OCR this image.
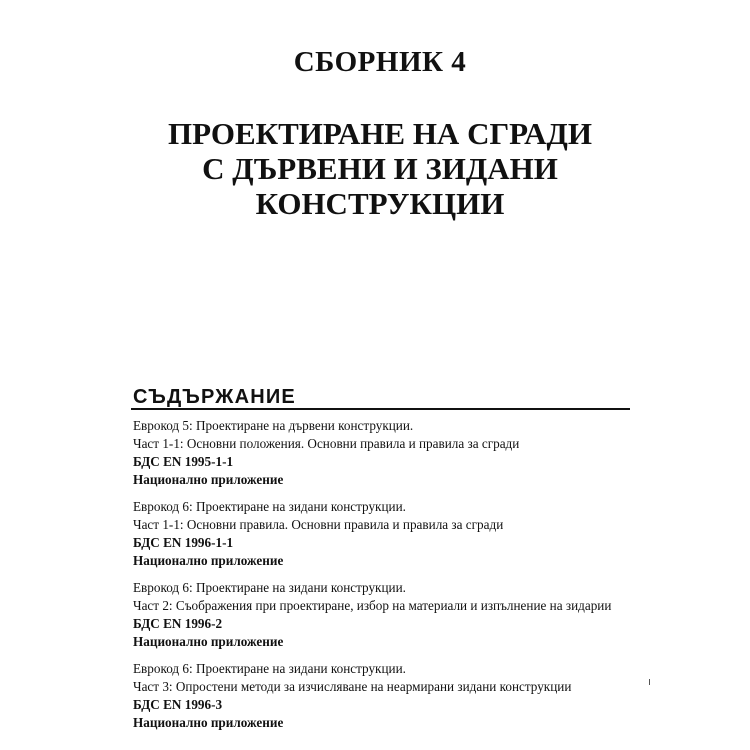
СБОРНИК 4
ПРОЕКТИРАНЕ НА СГРАДИ
С ДЪРВЕНИ И ЗИДАНИ
КОНСТРУКЦИИ
СЪДЪРЖАНИЕ
Еврокод 5: Проектиране на дървени конструкции.
Част 1-1: Основни положения. Основни правила и правила за сгради
БДС EN 1995-1-1
Национално приложение
Еврокод 6: Проектиране на зидани конструкции.
Част 1-1: Основни правила. Основни правила и правила за сгради
БДС EN 1996-1-1
Национално приложение
Еврокод 6: Проектиране на зидани конструкции.
Част 2: Съображения при проектиране, избор на материали и изпълнение на зидарии
БДС EN 1996-2
Национално приложение
Еврокод 6: Проектиране на зидани конструкции.
Част 3: Опростени методи за изчисляване на неармирани зидани конструкции
БДС EN 1996-3
Национално приложение
